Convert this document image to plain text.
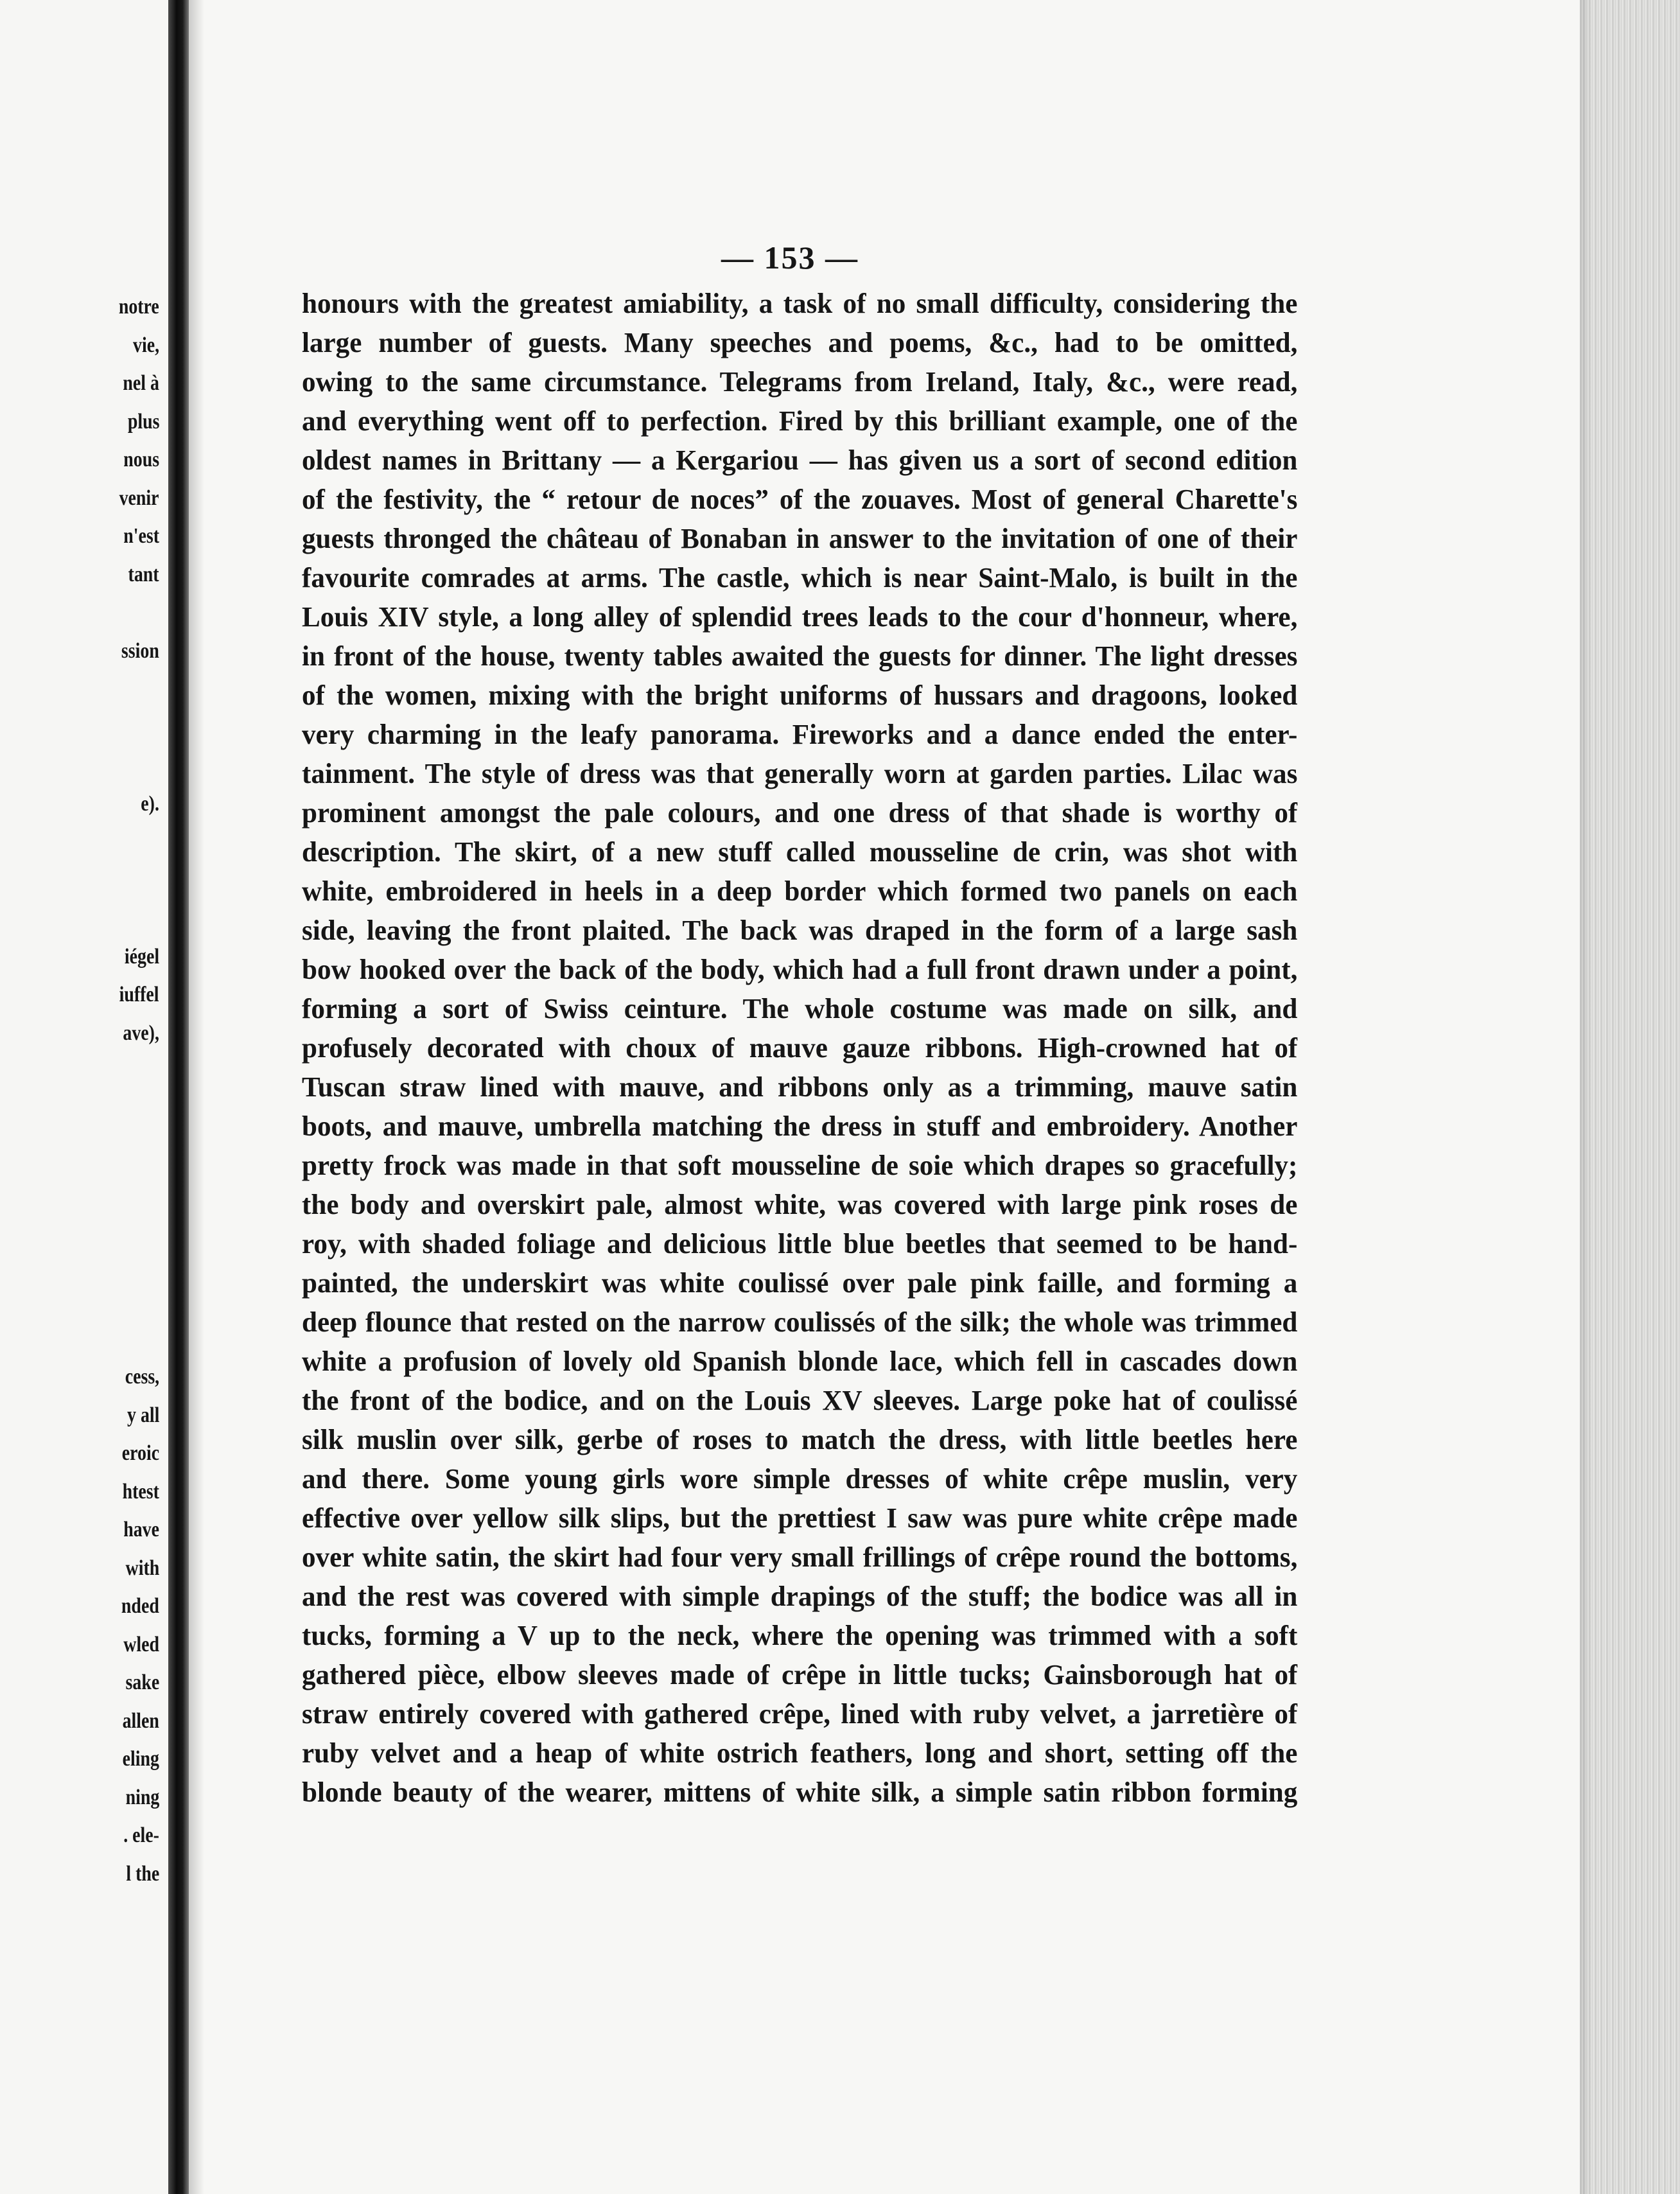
notre
vie,
nel à
plus
nous
venir
n'est
tant
ssion
e).
iégel
iuffel
ave),
cess,
y all
eroic
htest
have
with
nded
wled
sake
allen
eling
ning
. ele-
l the
— 153 —
honours with the greatest amiability, a task of no small difficulty, considering the
large number of guests. Many speeches and poems, &c., had to be omitted,
owing to the same circumstance. Telegrams from Ireland, Italy, &c., were read,
and everything went off to perfection. Fired by this brilliant example, one of the
oldest names in Brittany — a Kergariou — has given us a sort of second edition
of the festivity, the “ retour de noces” of the zouaves. Most of general Charette's
guests thronged the château of Bonaban in answer to the invitation of one of their
favourite comrades at arms. The castle, which is near Saint-Malo, is built in the
Louis XIV style, a long alley of splendid trees leads to the cour d'honneur, where,
in front of the house, twenty tables awaited the guests for dinner. The light dresses
of the women, mixing with the bright uniforms of hussars and dragoons, looked
very charming in the leafy panorama. Fireworks and a dance ended the enter-
tainment. The style of dress was that generally worn at garden parties. Lilac was
prominent amongst the pale colours, and one dress of that shade is worthy of
description. The skirt, of a new stuff called mousseline de crin, was shot with
white, embroidered in heels in a deep border which formed two panels on each
side, leaving the front plaited. The back was draped in the form of a large sash
bow hooked over the back of the body, which had a full front drawn under a point,
forming a sort of Swiss ceinture. The whole costume was made on silk, and
profusely decorated with choux of mauve gauze ribbons. High-crowned hat of
Tuscan straw lined with mauve, and ribbons only as a trimming, mauve satin
boots, and mauve, umbrella matching the dress in stuff and embroidery. Another
pretty frock was made in that soft mousseline de soie which drapes so gracefully;
the body and overskirt pale, almost white, was covered with large pink roses de
roy, with shaded foliage and delicious little blue beetles that seemed to be hand-
painted, the underskirt was white coulissé over pale pink faille, and forming a
deep flounce that rested on the narrow coulissés of the silk; the whole was trimmed
white a profusion of lovely old Spanish blonde lace, which fell in cascades down
the front of the bodice, and on the Louis XV sleeves. Large poke hat of coulissé
silk muslin over silk, gerbe of roses to match the dress, with little beetles here
and there. Some young girls wore simple dresses of white crêpe muslin, very
effective over yellow silk slips, but the prettiest I saw was pure white crêpe made
over white satin, the skirt had four very small frillings of crêpe round the bottoms,
and the rest was covered with simple drapings of the stuff; the bodice was all in
tucks, forming a V up to the neck, where the opening was trimmed with a soft
gathered pièce, elbow sleeves made of crêpe in little tucks; Gainsborough hat of
straw entirely covered with gathered crêpe, lined with ruby velvet, a jarretière of
ruby velvet and a heap of white ostrich feathers, long and short, setting off the
blonde beauty of the wearer, mittens of white silk, a simple satin ribbon forming
